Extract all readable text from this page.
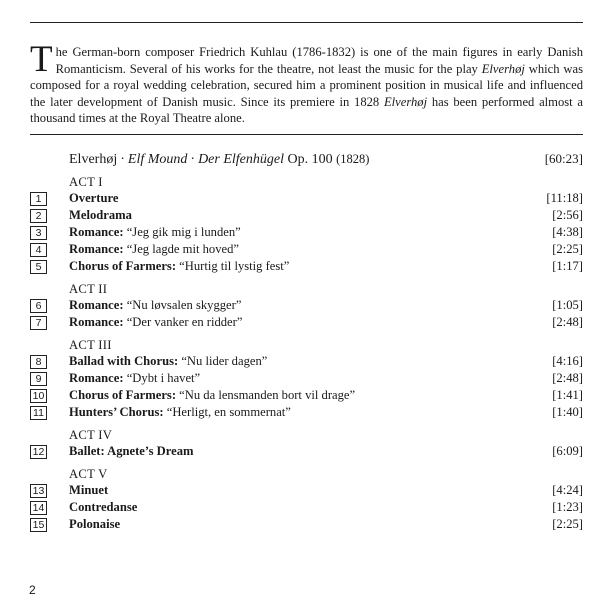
The German-born composer Friedrich Kuhlau (1786-1832) is one of the main figures in early Danish Romanticism. Several of his works for the theatre, not least the music for the play Elverhøj which was composed for a royal wedding celebration, secured him a prominent position in musical life and influenced the later development of Danish music. Since its premiere in 1828 Elverhøj has been performed almost a thousand times at the Royal Theatre alone.
Elverhøj · Elf Mound · Der Elfenhügel Op. 100 (1828)	[60:23]
ACT I
1	Overture	[11:18]
2	Melodrama	[2:56]
3	Romance: “Jeg gik mig i lunden”	[4:38]
4	Romance: “Jeg lagde mit hoved”	[2:25]
5	Chorus of Farmers: “Hurtig til lystig fest”	[1:17]
ACT II
6	Romance: “Nu løvsalen skygger”	[1:05]
7	Romance: “Der vanker en ridder”	[2:48]
ACT III
8	Ballad with Chorus: “Nu lider dagen”	[4:16]
9	Romance: “Dybt i havet”	[2:48]
10 Chorus of Farmers: “Nu da lensmanden bort vil drage”	[1:41]
11 Hunters’ Chorus: “Herligt, en sommernat”	[1:40]
ACT IV
12 Ballet: Agnete’s Dream	[6:09]
ACT V
13 Minuet	[4:24]
14 Contredanse	[1:23]
15 Polonaise	[2:25]
2
